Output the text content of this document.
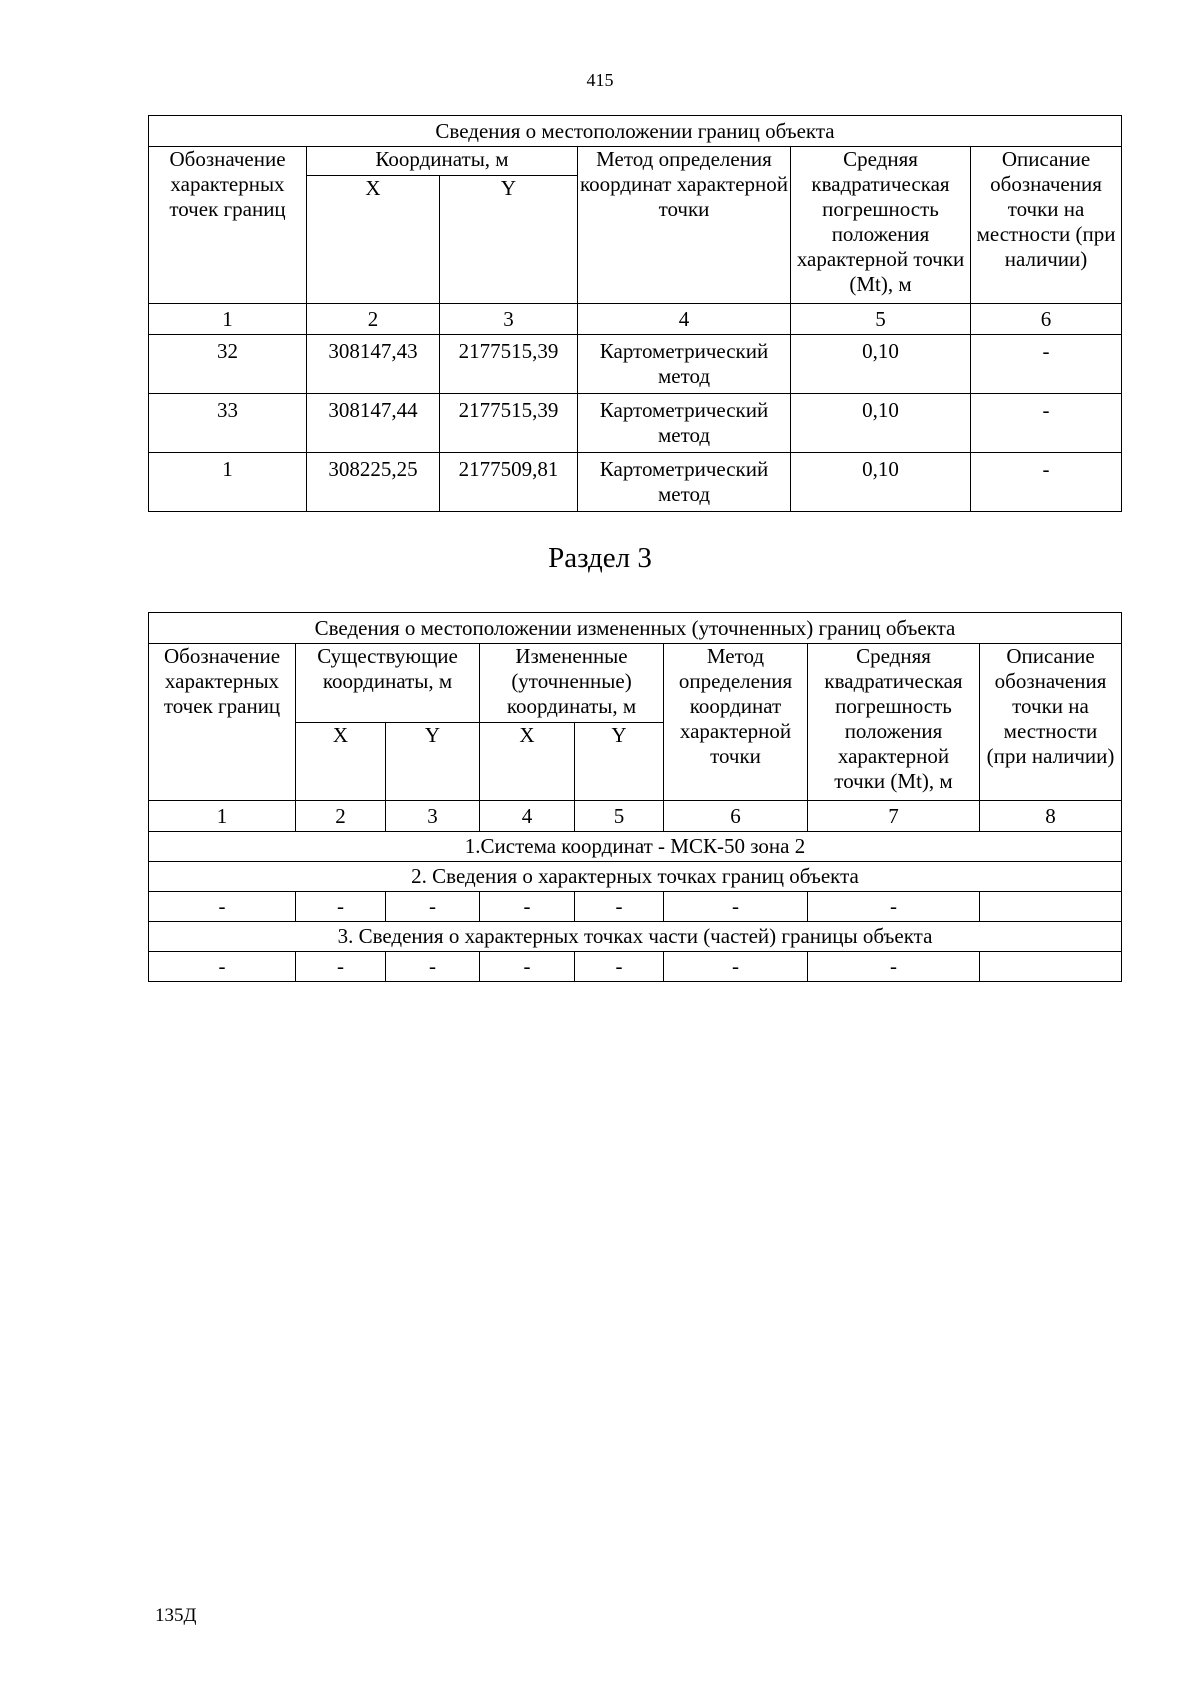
415
Сведения о местоположении границ объекта					
Обозначение характерных точек границ	Координаты, м		Метод определения координат характерной точки	Средняя квадратическая погрешность положения характерной точки (Mt), м	Описание обозначения точки на местности (при наличии)
	X	Y			
1	2	3	4	5	6
32	308147,43	2177515,39	Картометрический метод	0,10	-
33	308147,44	2177515,39	Картометрический метод	0,10	-
1	308225,25	2177509,81	Картометрический метод	0,10	-
Раздел 3
Сведения о местоположении измененных (уточненных) границ объекта							
Обозначение характерных точек границ	Существующие координаты, м		Измененные (уточненные) координаты, м		Метод определения координат характерной точки	Средняя квадратическая погрешность положения характерной точки (Mt), м	Описание обозначения точки на местности (при наличии)
	X	Y	X	Y			
1	2	3	4	5	6	7	8
1.Система координат - МСК-50 зона 2							
2. Сведения о характерных точках границ объекта							
-	-	-	-	-	-	-	
3. Сведения о характерных точках части (частей) границы объекта							
-	-	-	-	-	-	-	
135Д
